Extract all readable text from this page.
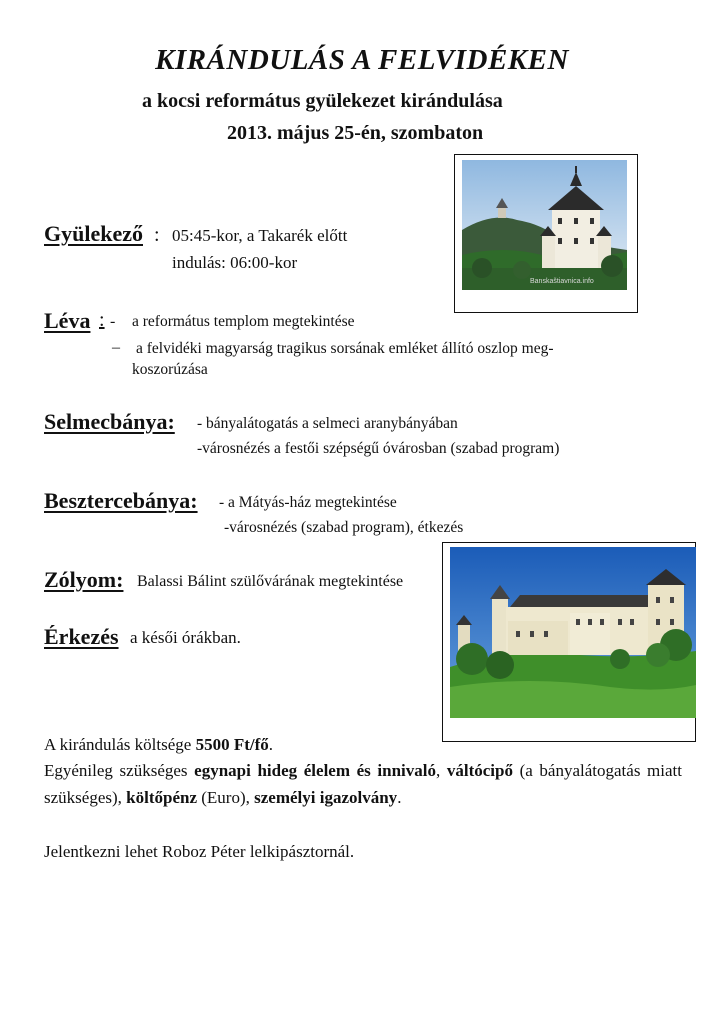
KIRÁNDULÁS A FELVIDÉKEN
a kocsi református gyülekezet kirándulása
2013. május 25-én, szombaton
Banskaštiavnica.info
Gyülekező : 05:45-kor, a Takarék előtt
indulás: 06:00-kor
Léva : - a református templom megtekintése
– a felvidéki magyarság tragikus sorsának emléket állító oszlop meg-
koszorúzása
Selmecbánya: - bányalátogatás a selmeci aranybányában
-városnézés a festői szépségű óvárosban (szabad program)
Besztercebánya: - a Mátyás-ház megtekintése
-városnézés (szabad program), étkezés
Zólyom: Balassi Bálint szülővárának megtekintése
Érkezés a késői órákban.
A kirándulás költsége 5500 Ft/fő.
Egyénileg szükséges egynapi hideg élelem és innivaló, váltócipő (a bányalátogatás miatt szükséges), költőpénz (Euro), személyi igazolvány.
Jelentkezni lehet Roboz Péter lelkipásztornál.
